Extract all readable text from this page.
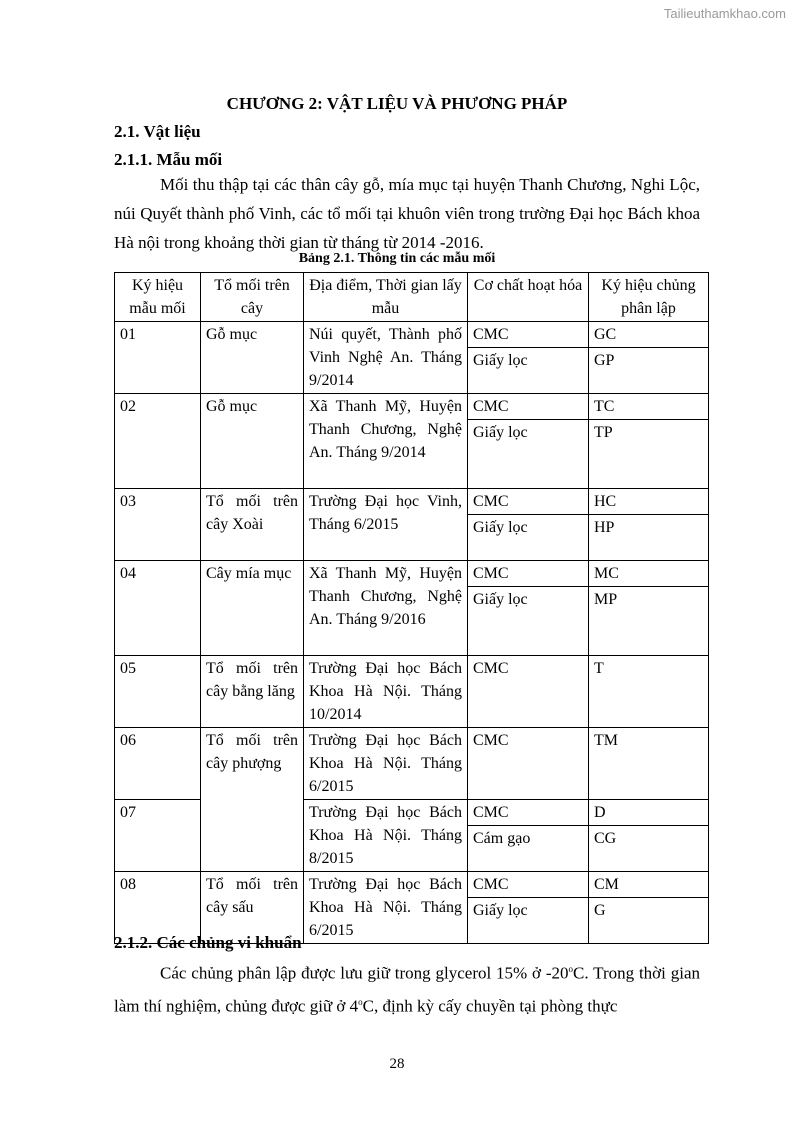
Tailieuthamkhao.com
CHƯƠNG 2: VẬT LIỆU VÀ PHƯƠNG PHÁP
2.1. Vật liệu
2.1.1. Mẫu mối
Mối thu thập tại các thân cây gỗ, mía mục tại huyện Thanh Chương, Nghi Lộc, núi Quyết thành phố Vinh, các tổ mối tại khuôn viên trong trường Đại học Bách khoa Hà nội trong khoảng thời gian từ tháng từ 2014 -2016.
Bảng 2.1. Thông tin các mẫu mối
Ký hiệu mẫu mối	Tổ mối trên cây	Địa điểm, Thời gian lấy mẫu	Cơ chất hoạt hóa	Ký hiệu chủng phân lập
01	Gỗ mục	Núi quyết, Thành phố Vinh Nghệ An. Tháng 9/2014	CMC	GC
			Giấy lọc	GP
02	Gỗ mục	Xã Thanh Mỹ, Huyện Thanh Chương, Nghệ An. Tháng 9/2014	CMC	TC
			Giấy lọc	TP
03	Tổ mối trên cây Xoài	Trường Đại học Vinh, Tháng 6/2015	CMC	HC
			Giấy lọc	HP
04	Cây mía mục	Xã Thanh Mỹ, Huyện Thanh Chương, Nghệ An. Tháng 9/2016	CMC	MC
			Giấy lọc	MP
05	Tổ mối trên cây bằng lăng	Trường Đại học Bách Khoa Hà Nội. Tháng 10/2014	CMC	T
06	Tổ mối trên cây phượng	Trường Đại học Bách Khoa Hà Nội. Tháng 6/2015	CMC	TM
07		Trường Đại học Bách Khoa Hà Nội. Tháng 8/2015	CMC	D
			Cám gạo	CG
08	Tổ mối trên cây sấu	Trường Đại học Bách Khoa Hà Nội. Tháng 6/2015	CMC	CM
			Giấy lọc	G
2.1.2. Các chủng vi khuẩn
Các chủng phân lập được lưu giữ trong glycerol 15% ở -20$^o$C. Trong thời gian làm thí nghiệm, chủng được giữ ở 4$^o$C, định kỳ cấy chuyền tại phòng thực
28
